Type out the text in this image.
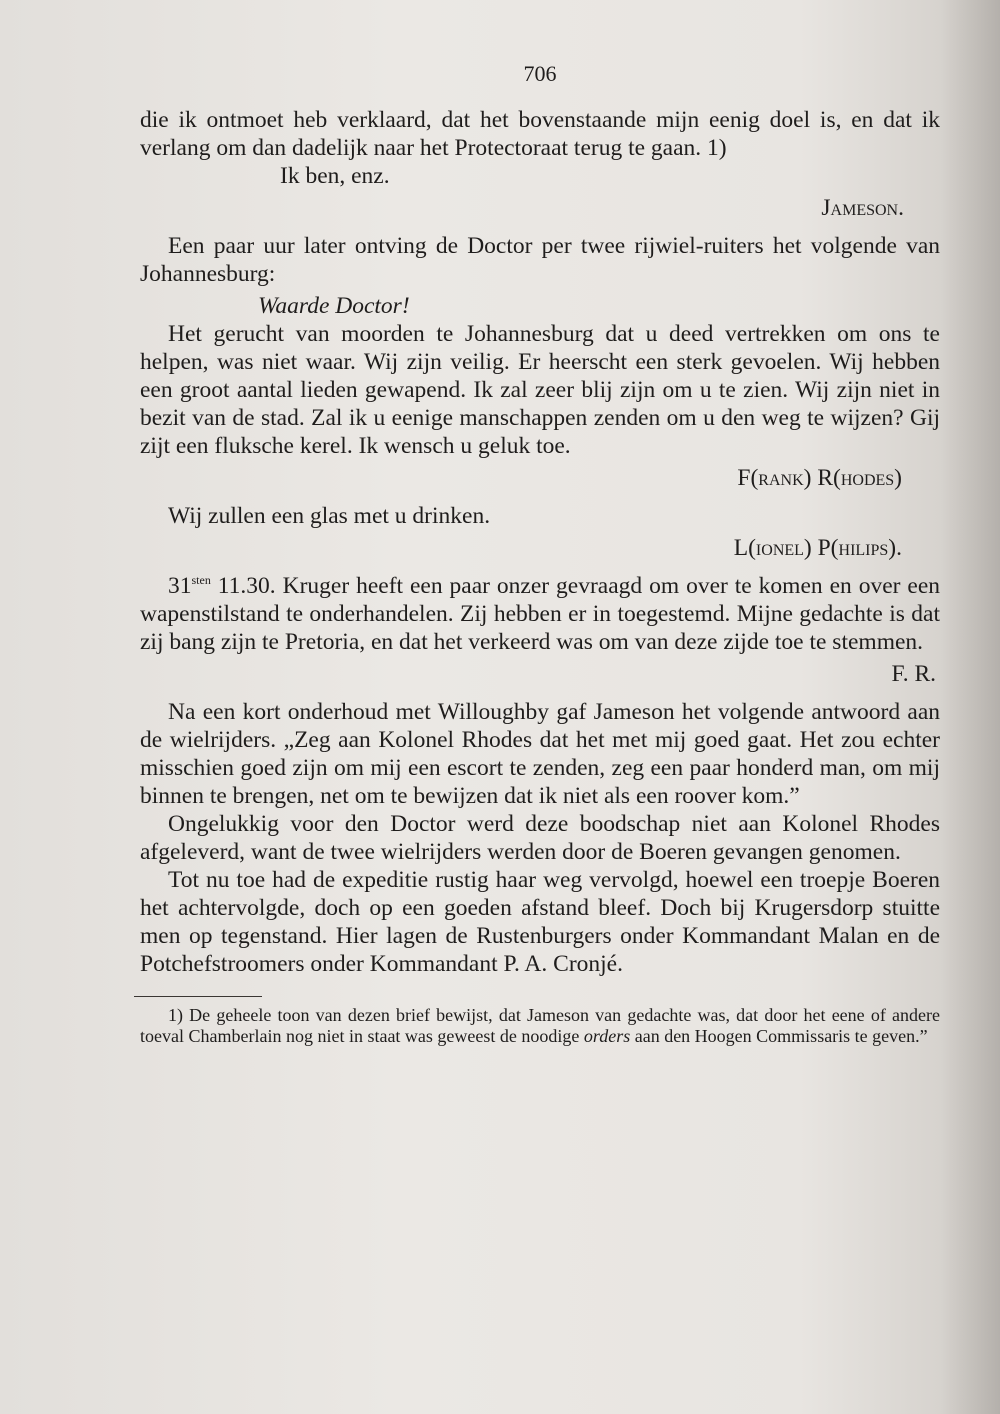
706

die ik ontmoet heb verklaard, dat het bovenstaande mijn eenig doel is, en dat ik verlang om dan dadelijk naar het Protectoraat terug te gaan. 1)

Ik ben, enz.

Jameson.

Een paar uur later ontving de Doctor per twee rijwiel-ruiters het volgende van Johannesburg:

Waarde Doctor!

Het gerucht van moorden te Johannesburg dat u deed vertrekken om ons te helpen, was niet waar. Wij zijn veilig. Er heerscht een sterk gevoelen. Wij hebben een groot aantal lieden gewapend. Ik zal zeer blij zijn om u te zien. Wij zijn niet in bezit van de stad. Zal ik u eenige manschappen zenden om u den weg te wijzen? Gij zijt een fluksche kerel. Ik wensch u geluk toe.

F(rank) R(hodes)

Wij zullen een glas met u drinken.

L(ionel) P(hilips).

$31^{sten}$ 11.30. Kruger heeft een paar onzer gevraagd om over te komen en over een wapenstilstand te onderhandelen. Zij hebben er in toegestemd. Mijne gedachte is dat zij bang zijn te Pretoria, en dat het verkeerd was om van deze zijde toe te stemmen.

F. R.

Na een kort onderhoud met Willoughby gaf Jameson het volgende antwoord aan de wielrijders. „Zeg aan Kolonel Rhodes dat het met mij goed gaat. Het zou echter misschien goed zijn om mij een escort te zenden, zeg een paar honderd man, om mij binnen te brengen, net om te bewijzen dat ik niet als een roover kom.”

Ongelukkig voor den Doctor werd deze boodschap niet aan Kolonel Rhodes afgeleverd, want de twee wielrijders werden door de Boeren gevangen genomen.

Tot nu toe had de expeditie rustig haar weg vervolgd, hoewel een troepje Boeren het achtervolgde, doch op een goeden afstand bleef. Doch bij Krugersdorp stuitte men op tegenstand. Hier lagen de Rustenburgers onder Kommandant Malan en de Potchefstroomers onder Kommandant P. A. Cronjé.

1) De geheele toon van dezen brief bewijst, dat Jameson van gedachte was, dat door het eene of andere toeval Chamberlain nog niet in staat was geweest de noodige orders aan den Hoogen Commissaris te geven.”
